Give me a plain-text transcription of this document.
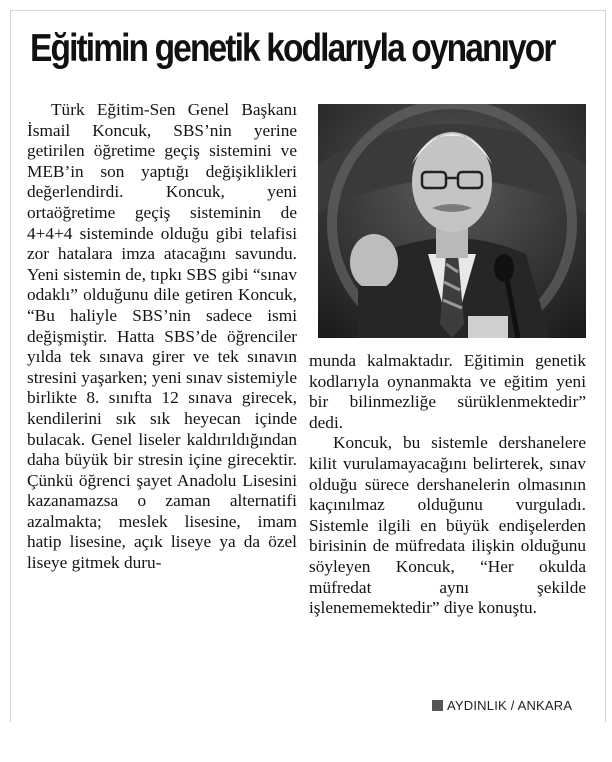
Eğitimin genetik kodlarıyla oynanıyor

Türk Eğitim-Sen Genel Başkanı İsmail Koncuk, SBS’nin yerine getirilen öğretime geçiş sistemini ve MEB’in son yaptığı değişiklikleri değerlendirdi. Koncuk, yeni ortaöğretime geçiş sisteminin de 4+4+4 sisteminde olduğu gibi telafisi zor hatalara imza atacağını savundu. Yeni sistemin de, tıpkı SBS gibi “sınav odaklı” olduğunu dile getiren Koncuk, “Bu haliyle SBS’nin sadece ismi değişmiştir. Hatta SBS’de öğrenciler yılda tek sınava girer ve tek sınavın stresini yaşarken; yeni sınav sistemiyle birlikte 8. sınıfta 12 sınava girecek, kendilerini sık sık heyecan içinde bulacak. Genel liseler kaldırıldığından daha büyük bir stresin içine girecektir. Çünkü öğrenci şayet Anadolu Lisesini kazanamazsa o zaman alternatifi azalmakta; meslek lisesine, imam hatip lisesine, açık liseye ya da özel liseye gitmek duru-

munda kalmaktadır. Eğitimin genetik kodlarıyla oynanmakta ve eğitim yeni bir bilinmezliğe sürüklenmektedir” dedi.

Koncuk, bu sistemle dershanelere kilit vurulamayacağını belirterek, sınav olduğu sürece dershanelerin olmasının kaçınılmaz olduğunu vurguladı. Sistemle ilgili en büyük endişelerden birisinin de müfredata ilişkin olduğunu söyleyen Koncuk, “Her okulda müfredat aynı şekilde işlenememektedir” diye konuştu.

AYDINLIK / ANKARA
